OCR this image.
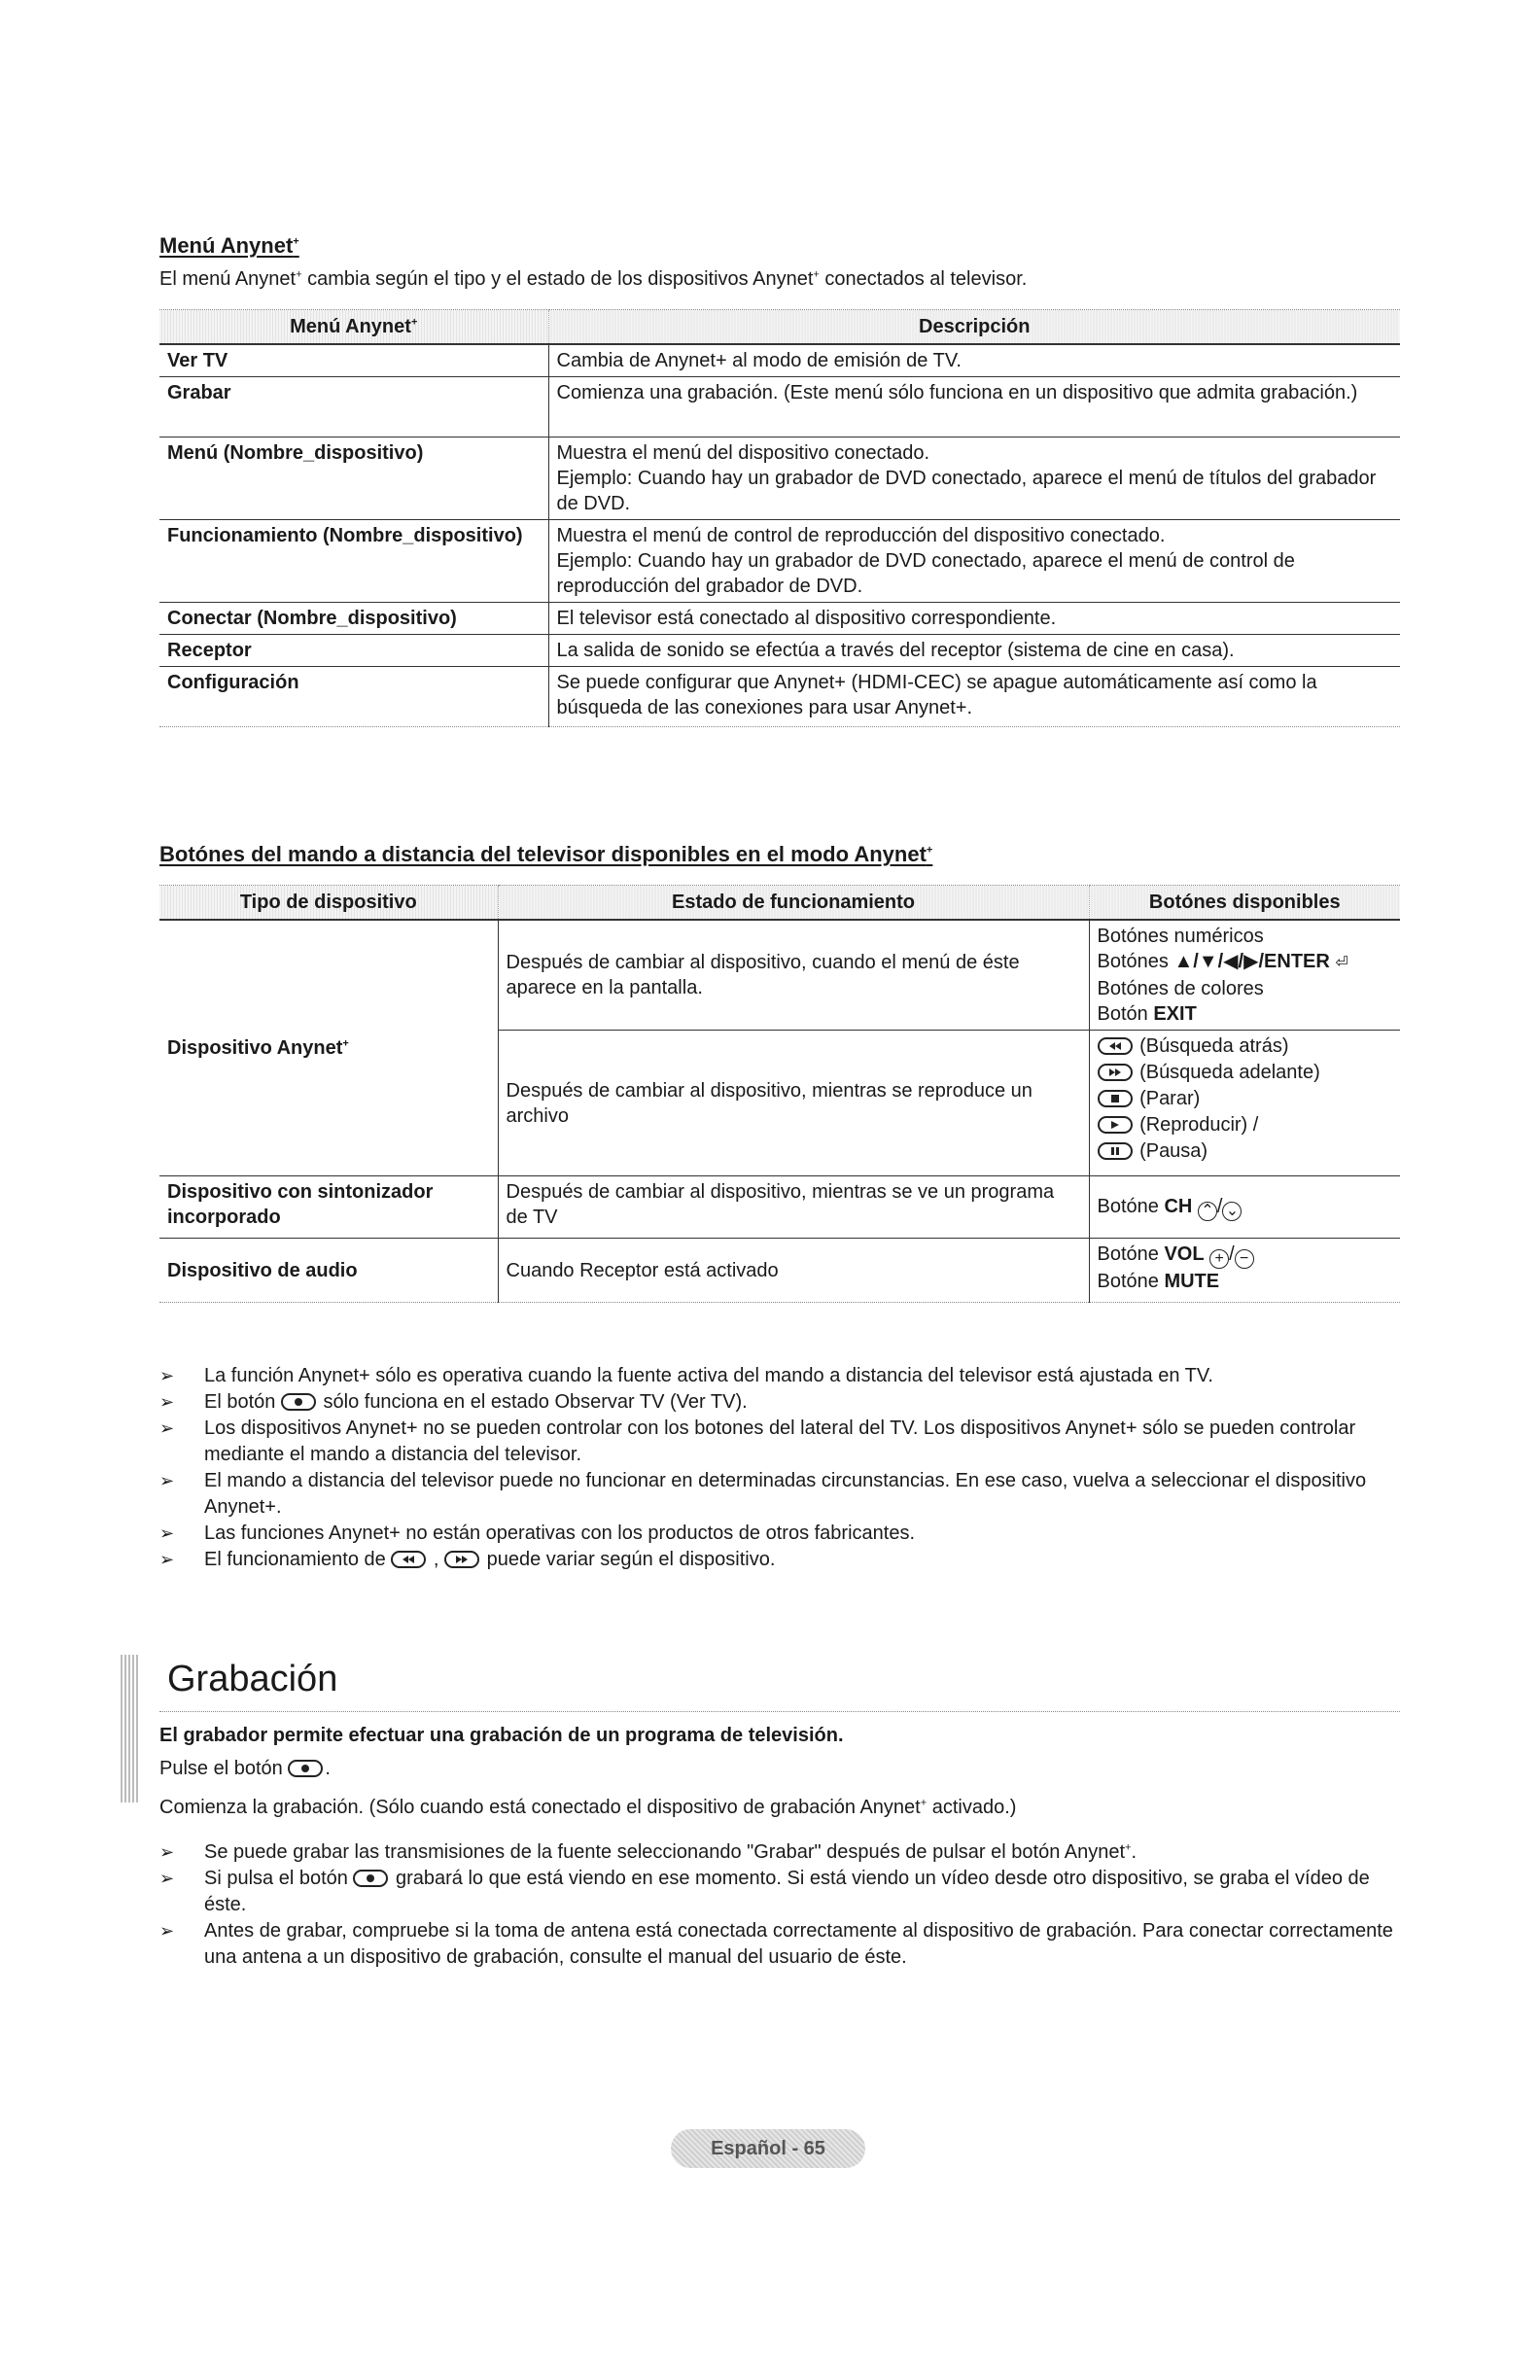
Menú Anynet+
El menú Anynet+ cambia según el tipo y el estado de los dispositivos Anynet+ conectados al televisor.
Menú Anynet+	Descripción
Ver TV	Cambia de Anynet+ al modo de emisión de TV.

Grabar	Comienza una grabación. (Este menú sólo funciona en un dispositivo que admita grabación.)

Menú (Nombre_dispositivo)	Muestra el menú del dispositivo conectado.
Ejemplo: Cuando hay un grabador de DVD conectado, aparece el menú de títulos del grabador de DVD.

Funcionamiento (Nombre_dispositivo)	Muestra el menú de control de reproducción del dispositivo conectado.
Ejemplo: Cuando hay un grabador de DVD conectado, aparece el menú de control de reproducción del grabador de DVD.

Conectar (Nombre_dispositivo)	El televisor está conectado al dispositivo correspondiente.

Receptor	La salida de sonido se efectúa a través del receptor (sistema de cine en casa).

Configuración	Se puede configurar que Anynet+ (HDMI-CEC) se apague automáticamente así como la búsqueda de las conexiones para usar Anynet+.
Botónes del mando a distancia del televisor disponibles en el modo Anynet+
Tipo de dispositivo	Estado de funcionamiento	Botónes disponibles
Dispositivo Anynet+	Después de cambiar al dispositivo, cuando el menú de éste aparece en la pantalla.	Botónes numéricos
Botónes ▲/▼/◀/▶/ENTER ⏎
Botónes de colores
Botón EXIT

	Después de cambiar al dispositivo, mientras se reproduce un archivo	(Búsqueda atrás)
(Búsqueda adelante)
(Parar)
(Reproducir) /
(Pausa)

Dispositivo con sintonizador incorporado	Después de cambiar al dispositivo, mientras se ve un programa de TV	Botóne CH ⌃ / ⌄
Dispositivo de audio	Cuando Receptor está activado	Botóne VOL + / −
Botóne MUTE
➢ La función Anynet+ sólo es operativa cuando la fuente activa del mando a distancia del televisor está ajustada en TV.
➢ El botón
sólo funciona en el estado Observar TV (Ver TV).
➢ Los dispositivos Anynet+ no se pueden controlar con los botones del lateral del TV. Los dispositivos Anynet+ sólo se pueden controlar mediante el mando a distancia del televisor.
➢ El mando a distancia del televisor puede no funcionar en determinadas circunstancias. En ese caso, vuelva a seleccionar el dispositivo Anynet+.
➢ Las funciones Anynet+ no están operativas con los productos de otros fabricantes.
➢ El funcionamiento de
,
puede variar según el dispositivo.
Grabación
El grabador permite efectuar una grabación de un programa de televisión.
Pulse el botón
.
Comienza la grabación. (Sólo cuando está conectado el dispositivo de grabación Anynet+ activado.)
➢ Se puede grabar las transmisiones de la fuente seleccionando "Grabar" después de pulsar el botón Anynet+.
➢ Si pulsa el botón
grabará lo que está viendo en ese momento. Si está viendo un vídeo desde otro dispositivo, se graba el vídeo de éste.
➢ Antes de grabar, compruebe si la toma de antena está conectada correctamente al dispositivo de grabación. Para conectar correctamente una antena a un dispositivo de grabación, consulte el manual del usuario de éste.
Español - 65
